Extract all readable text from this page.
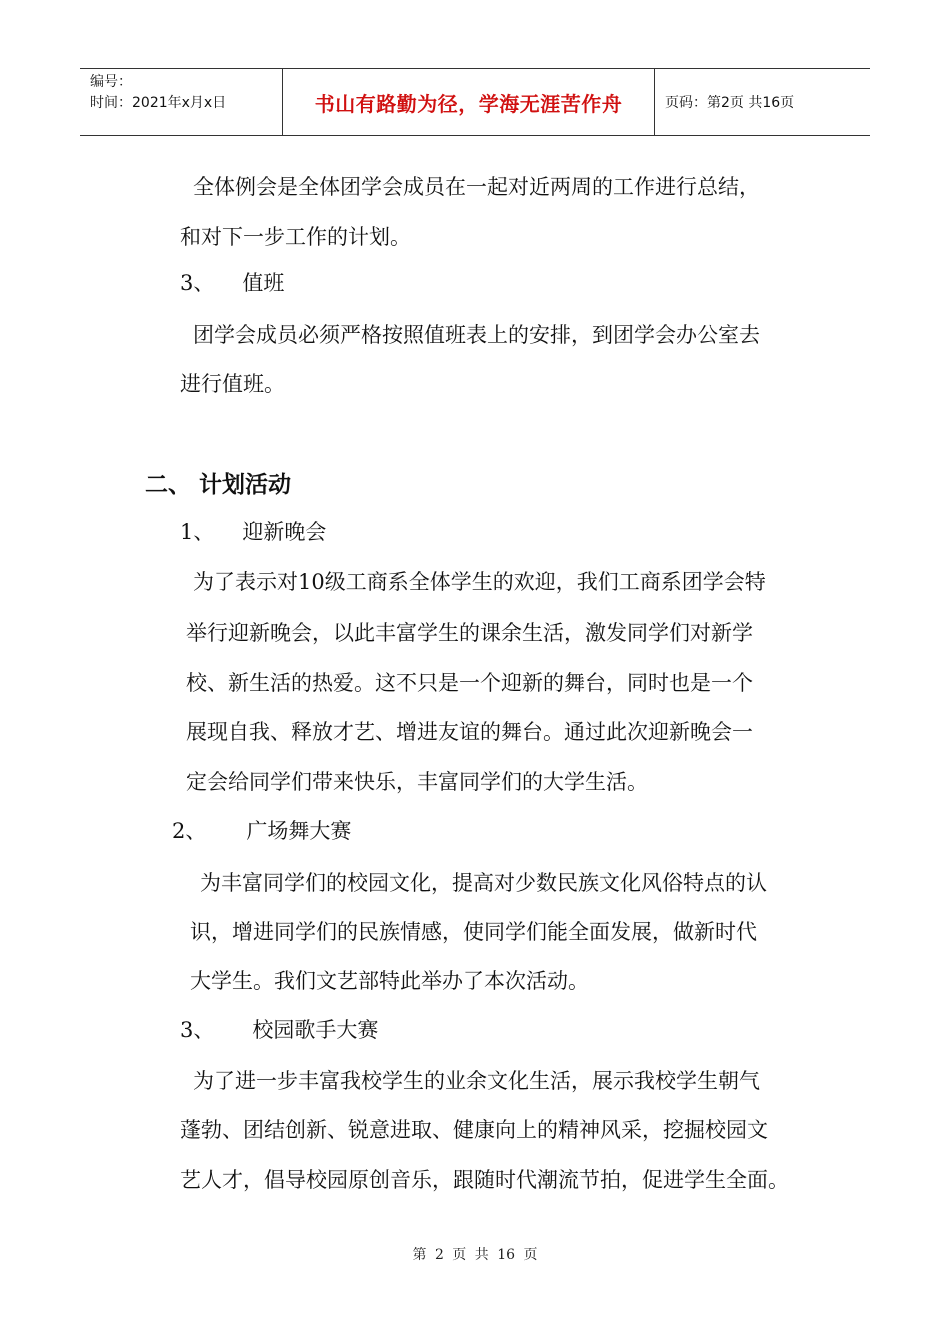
编号：
时间：2021年x月x日	书山有路勤为径，学海无涯苦作舟	页码：第2页 共16页
全体例会是全体团学会成员在一起对近两周的工作进行总结，
和对下一步工作的计划。
3、 值班
团学会成员必须严格按照值班表上的安排，到团学会办公室去
进行值班。
二、 计划活动
1、 迎新晚会
为了表示对10级工商系全体学生的欢迎，我们工商系团学会特
举行迎新晚会，以此丰富学生的课余生活，激发同学们对新学
校、新生活的热爱。这不只是一个迎新的舞台，同时也是一个
展现自我、释放才艺、增进友谊的舞台。通过此次迎新晚会一
定会给同学们带来快乐，丰富同学们的大学生活。
2、 广场舞大赛
为丰富同学们的校园文化，提高对少数民族文化风俗特点的认
识，增进同学们的民族情感，使同学们能全面发展，做新时代
大学生。我们文艺部特此举办了本次活动。
3、 校园歌手大赛
为了进一步丰富我校学生的业余文化生活，展示我校学生朝气
蓬勃、团结创新、锐意进取、健康向上的精神风采，挖掘校园文
艺人才，倡导校园原创音乐，跟随时代潮流节拍，促进学生全面。
第 2 页 共 16 页
